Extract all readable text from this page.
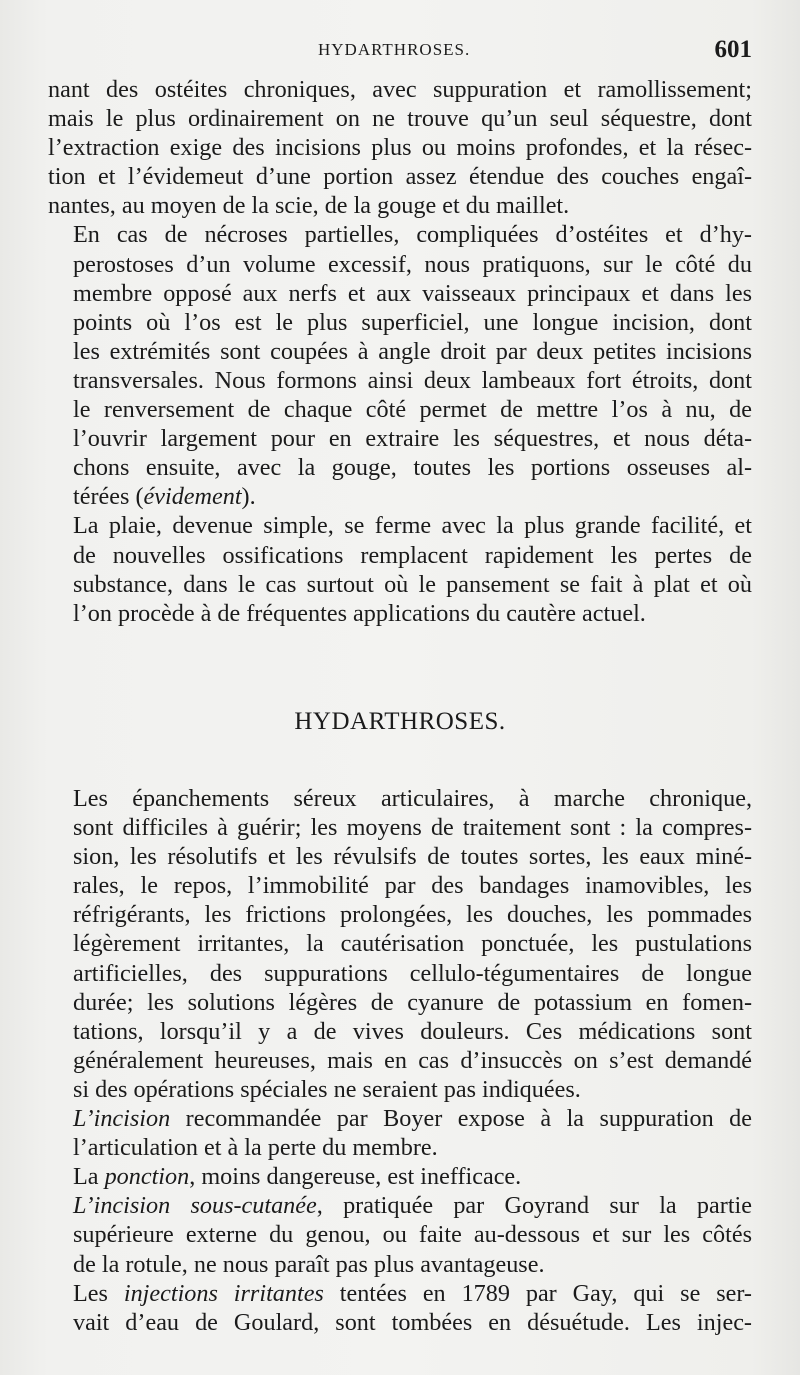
HYDARTHROSES.	601

nant des ostéites chroniques, avec suppuration et ramollissement;
mais le plus ordinairement on ne trouve qu’un seul séquestre, dont
l’extraction exige des incisions plus ou moins profondes, et la résec-
tion et l’évidemeut d’une portion assez étendue des couches engaî-
nantes, au moyen de la scie, de la gouge et du maillet.

En cas de nécroses partielles, compliquées d’ostéites et d’hy-
perostoses d’un volume excessif, nous pratiquons, sur le côté du
membre opposé aux nerfs et aux vaisseaux principaux et dans les
points où l’os est le plus superficiel, une longue incision, dont
les extrémités sont coupées à angle droit par deux petites incisions
transversales. Nous formons ainsi deux lambeaux fort étroits, dont
le renversement de chaque côté permet de mettre l’os à nu, de
l’ouvrir largement pour en extraire les séquestres, et nous déta-
chons ensuite, avec la gouge, toutes les portions osseuses al-
térées (évidement).

La plaie, devenue simple, se ferme avec la plus grande facilité, et
de nouvelles ossifications remplacent rapidement les pertes de
substance, dans le cas surtout où le pansement se fait à plat et où
l’on procède à de fréquentes applications du cautère actuel.

HYDARTHROSES.

Les épanchements séreux articulaires, à marche chronique,
sont difficiles à guérir; les moyens de traitement sont : la compres-
sion, les résolutifs et les révulsifs de toutes sortes, les eaux miné-
rales, le repos, l’immobilité par des bandages inamovibles, les
réfrigérants, les frictions prolongées, les douches, les pommades
légèrement irritantes, la cautérisation ponctuée, les pustulations
artificielles, des suppurations cellulo-tégumentaires de longue
durée; les solutions légères de cyanure de potassium en fomen-
tations, lorsqu’il y a de vives douleurs. Ces médications sont
généralement heureuses, mais en cas d’insuccès on s’est demandé
si des opérations spéciales ne seraient pas indiquées.

L’incision recommandée par Boyer expose à la suppuration de
l’articulation et à la perte du membre.

La ponction, moins dangereuse, est inefficace.

L’incision sous-cutanée, pratiquée par Goyrand sur la partie
supérieure externe du genou, ou faite au-dessous et sur les côtés
de la rotule, ne nous paraît pas plus avantageuse.

Les injections irritantes tentées en 1789 par Gay, qui se ser-
vait d’eau de Goulard, sont tombées en désuétude. Les injec-
